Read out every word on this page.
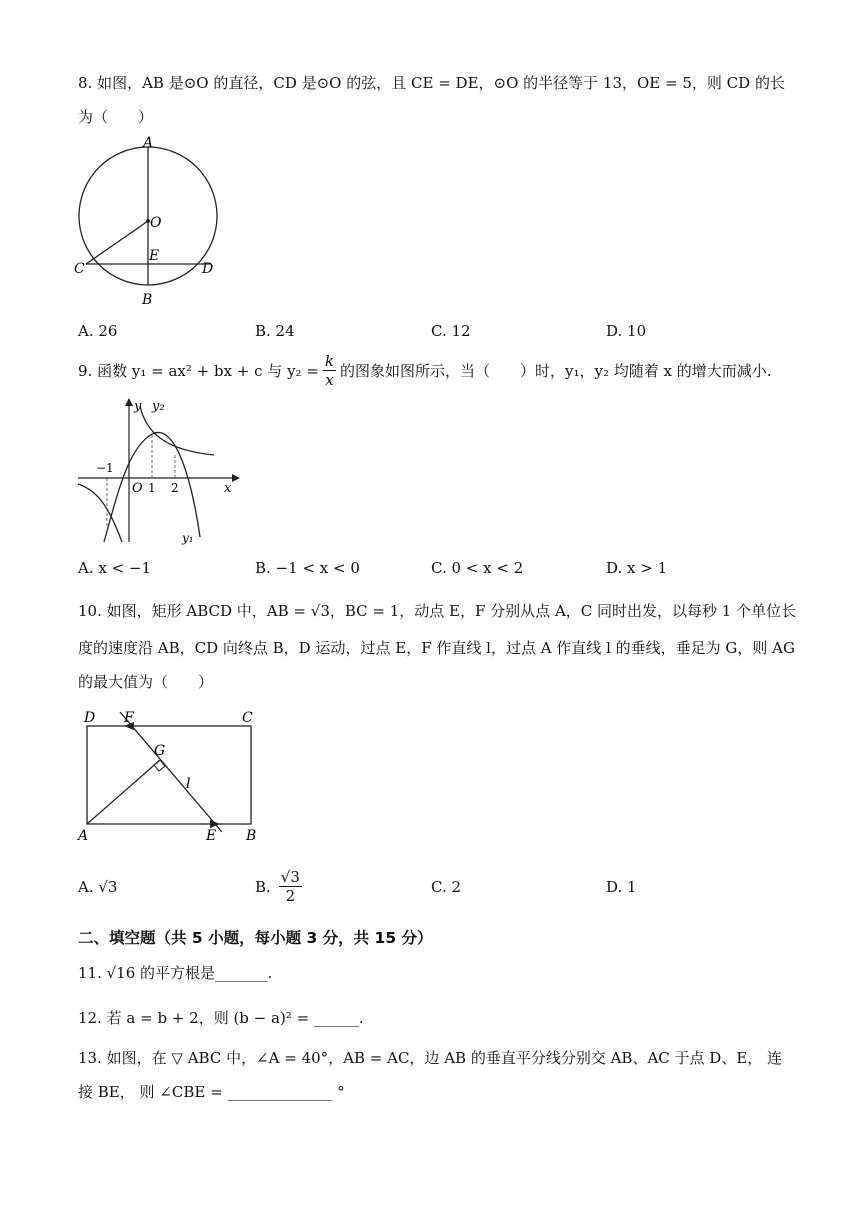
8. 如图，AB 是⊙O 的直径，CD 是⊙O 的弦，且 CE = DE，⊙O 的半径等于 13，OE = 5，则 CD 的长
为（　　）
A
O
E
C	D
B
A. 26	B. 24	C. 12	D. 10
9. 函数 y₁ = ax² + bx + c 与 $y_2 = \frac{k}{x}$ 的图象如图所示，当（　　）时，y₁，y₂ 均随着 x 的增大而减小.
y y₂
x
O
−1
1 2
y₁
A. x < −1	B. −1 < x < 0	C. 0 < x < 2	D. x > 1
10. 如图，矩形 ABCD 中，AB = √3，BC = 1，动点 E，F 分别从点 A，C 同时出发，以每秒 1 个单位长
度的速度沿 AB，CD 向终点 B，D 运动，过点 E，F 作直线 l，过点 A 作直线 l 的垂线，垂足为 G，则 AG
的最大值为（　　）
D F	C
G
l
A	E B
A. √3	B. $\frac{√3}{2}$	C. 2	D. 1
二、填空题（共 5 小题，每小题 3 分，共 15 分）
11. √16 的平方根是_______.
12. 若 a = b + 2，则 (b − a)² = ______.
13. 如图，在 ▽ ABC 中，∠A = 40°，AB = AC，边 AB 的垂直平分线分别交 AB、AC 于点 D、E， 连
接 BE， 则 ∠CBE = ______________ °
